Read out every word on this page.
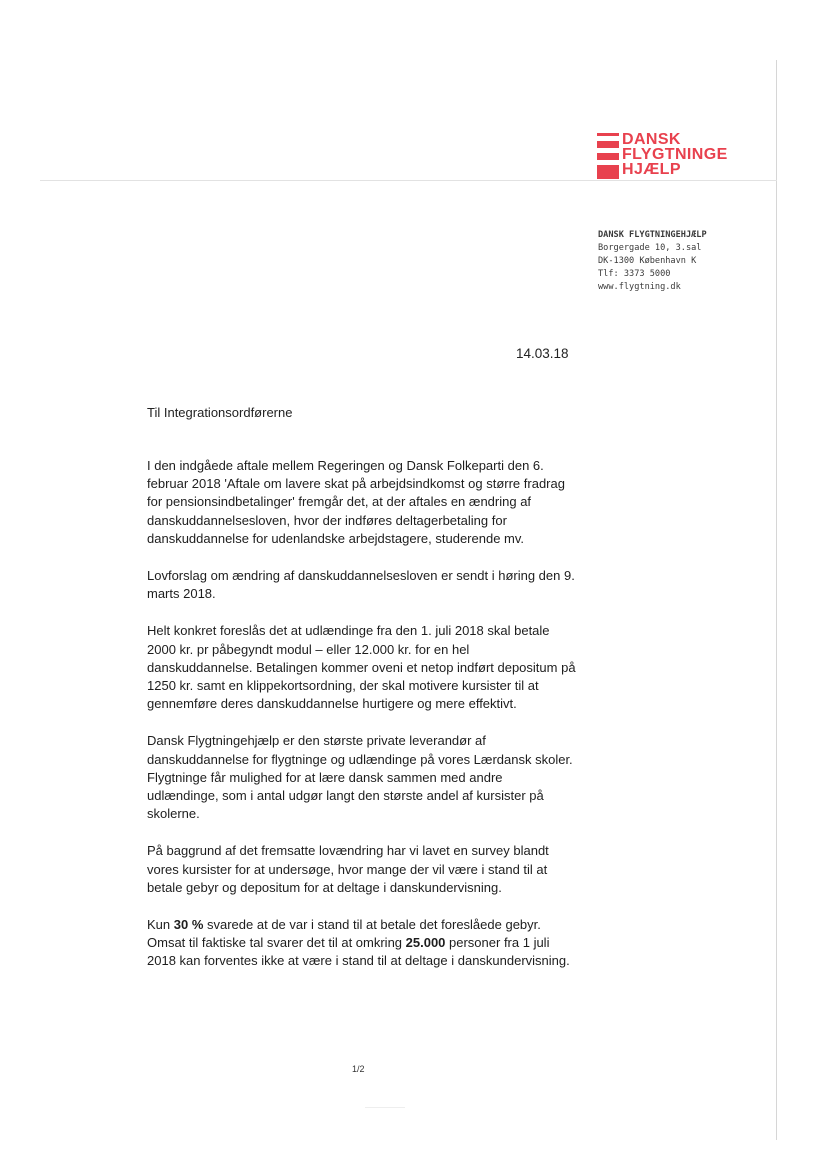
DANSK
FLYGTNINGE
HJÆLP
DANSK FLYGTNINGEHJÆLP
Borgergade 10, 3.sal
DK-1300 København K
Tlf: 3373 5000
www.flygtning.dk
14.03.18
Til Integrationsordførerne

I den indgåede aftale mellem Regeringen og Dansk Folkeparti den 6. februar 2018 'Aftale om lavere skat på arbejdsindkomst og større fradrag for pensionsindbetalinger' fremgår det, at der aftales en ændring af danskuddannelsesloven, hvor der indføres deltagerbetaling for danskuddannelse for udenlandske arbejdstagere, studerende mv.

Lovforslag om ændring af danskuddannelsesloven er sendt i høring den 9. marts 2018.

Helt konkret foreslås det at udlændinge fra den 1. juli 2018 skal betale 2000 kr. pr påbegyndt modul – eller 12.000 kr. for en hel danskuddannelse. Betalingen kommer oveni et netop indført depositum på 1250 kr. samt en klippekortsordning, der skal motivere kursister til at gennemføre deres danskuddannelse hurtigere og mere effektivt.

Dansk Flygtningehjælp er den største private leverandør af danskuddannelse for flygtninge og udlændinge på vores Lærdansk skoler. Flygtninge får mulighed for at lære dansk sammen med andre udlændinge, som i antal udgør langt den største andel af kursister på skolerne.

På baggrund af det fremsatte lovændring har vi lavet en survey blandt vores kursister for at undersøge, hvor mange der vil være i stand til at betale gebyr og depositum for at deltage i danskundervisning.

Kun 30 % svarede at de var i stand til at betale det foreslåede gebyr. Omsat til faktiske tal svarer det til at omkring 25.000 personer fra 1 juli 2018 kan forventes ikke at være i stand til at deltage i danskundervisning.

1/2
